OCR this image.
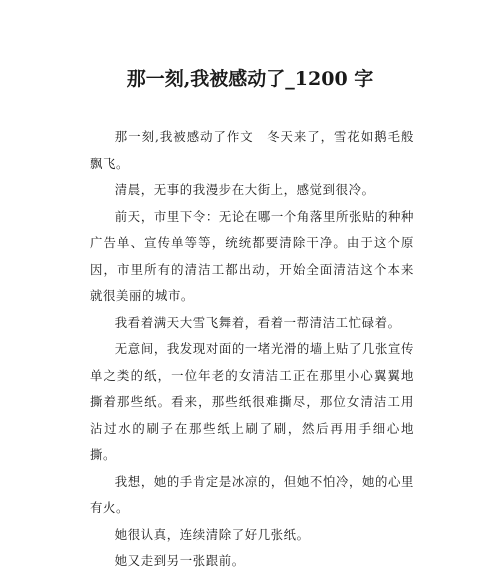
那一刻,我被感动了_1200 字

那一刻,我被感动了作文　冬天来了，雪花如鹅毛般飘飞。

清晨，无事的我漫步在大街上，感觉到很冷。

前天，市里下令：无论在哪一个角落里所张贴的种种广告单、宣传单等等，统统都要清除干净。由于这个原因，市里所有的清洁工都出动，开始全面清洁这个本来就很美丽的城市。

我看着满天大雪飞舞着，看着一帮清洁工忙碌着。

无意间，我发现对面的一堵光滑的墙上贴了几张宣传单之类的纸，一位年老的女清洁工正在那里小心翼翼地撕着那些纸。看来，那些纸很难撕尽，那位女清洁工用沾过水的刷子在那些纸上刷了刷，然后再用手细心地撕。

我想，她的手肯定是冰凉的，但她不怕冷，她的心里有火。

她很认真，连续清除了好几张纸。

她又走到另一张跟前。
